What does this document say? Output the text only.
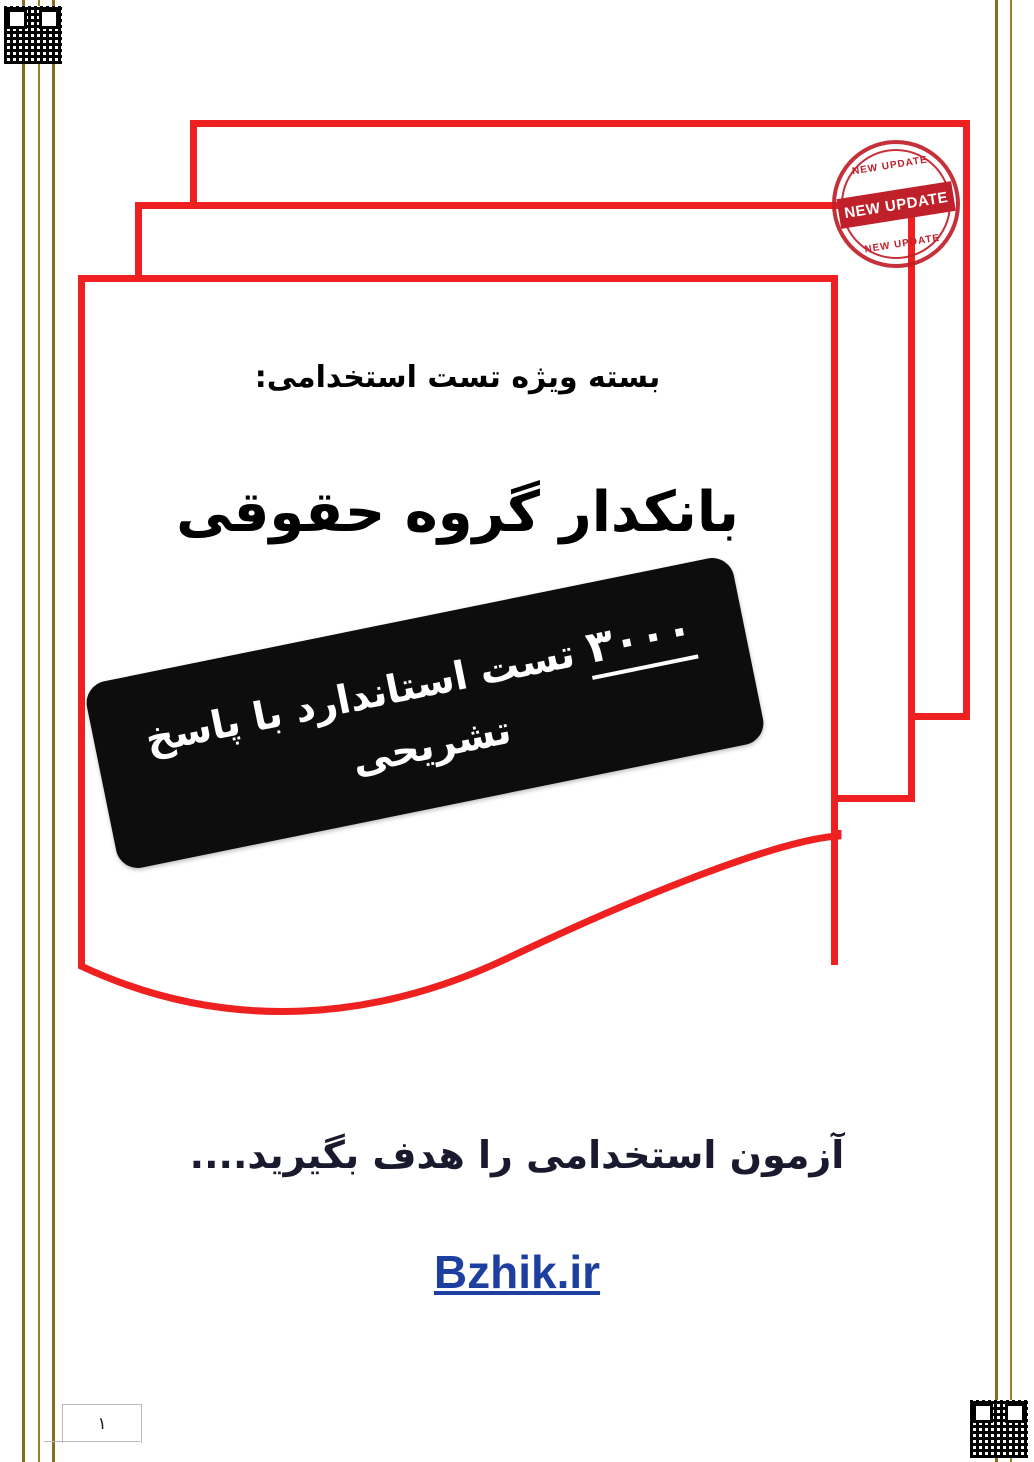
بسته ویژه تست استخدامی:
بانکدار گروه حقوقی
۳۰۰۰ تست استاندارد با پاسخ تشریحی
NEW UPDATE
NEW UPDATE
NEW UPDATE
آزمون استخدامی را هدف بگیرید....
Bzhik.ir
۱
